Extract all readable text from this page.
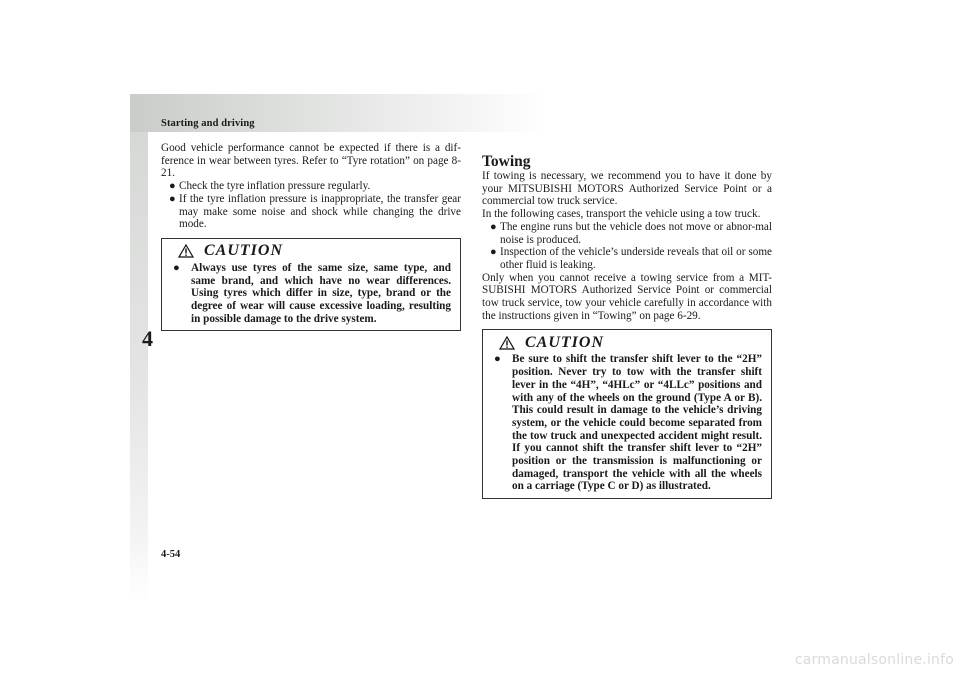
Starting and driving
4

Good vehicle performance cannot be expected if there is a dif-ference in wear between tyres. Refer to “Tyre rotation” on page 8-21.

● Check the tyre inflation pressure regularly.

● If the tyre inflation pressure is inappropriate, the transfer gear may make some noise and shock while changing the drive mode.

CAUTION
● Always use tyres of the same size, same type, and same brand, and which have no wear differences. Using tyres which differ in size, type, brand or the degree of wear will cause excessive loading, resulting in possible damage to the drive system.

Towing

If towing is necessary, we recommend you to have it done by your MITSUBISHI MOTORS Authorized Service Point or a commercial tow truck service.

In the following cases, transport the vehicle using a tow truck.

● The engine runs but the vehicle does not move or abnor-mal noise is produced.

● Inspection of the vehicle’s underside reveals that oil or some other fluid is leaking.

Only when you cannot receive a towing service from a MIT-SUBISHI MOTORS Authorized Service Point or commercial tow truck service, tow your vehicle carefully in accordance with the instructions given in “Towing” on page 6-29.

CAUTION
● Be sure to shift the transfer shift lever to the “2H” position. Never try to tow with the transfer shift lever in the “4H”, “4HLc” or “4LLc” positions and with any of the wheels on the ground (Type A or B). This could result in damage to the vehicle’s driving system, or the vehicle could become separated from the tow truck and unexpected accident might result. If you cannot shift the transfer shift lever to “2H” position or the transmission is malfunctioning or damaged, transport the vehicle with all the wheels on a carriage (Type C or D) as illustrated.
4-54
carmanualsonline.info
